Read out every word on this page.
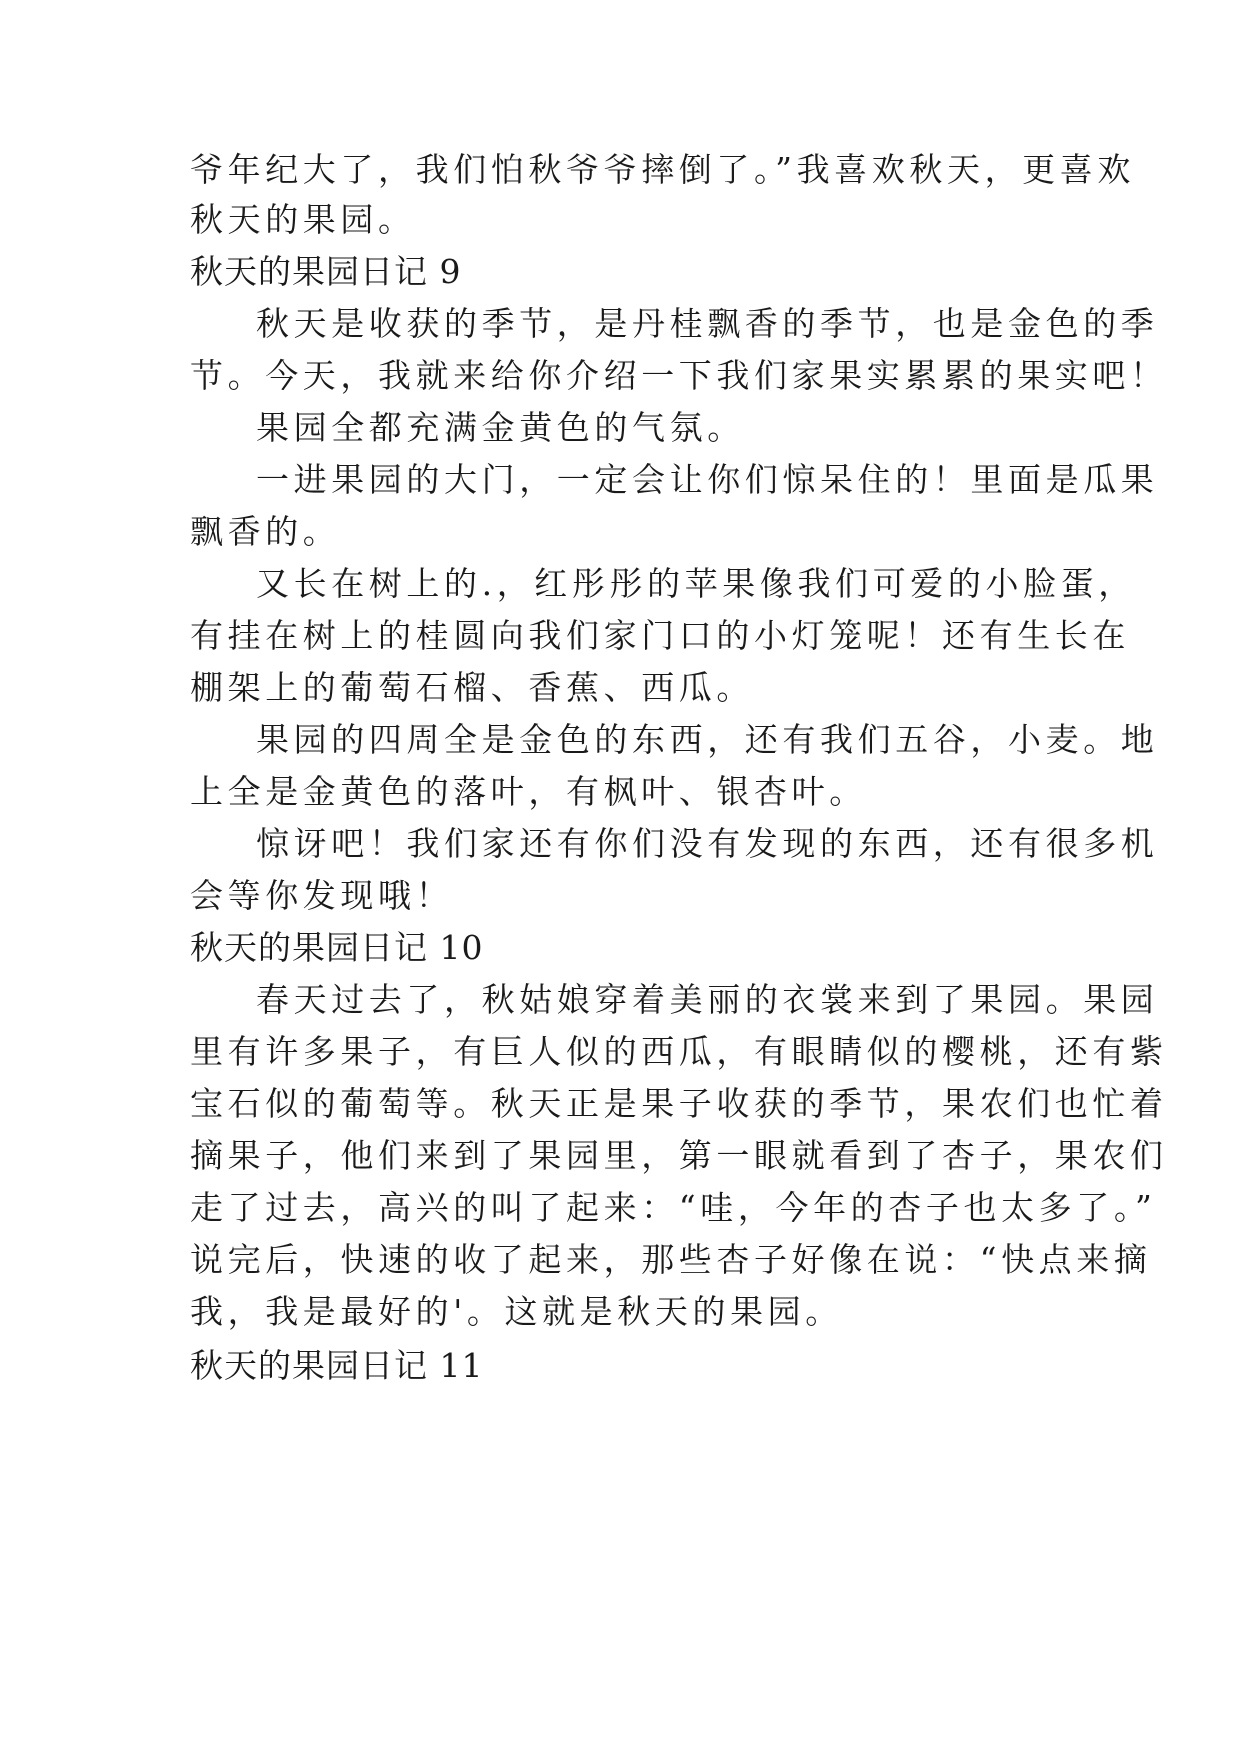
爷年纪大了，我们怕秋爷爷摔倒了。”我喜欢秋天，更喜欢
秋天的果园。
秋天的果园日记 9
秋天是收获的季节，是丹桂飘香的季节，也是金色的季
节。今天，我就来给你介绍一下我们家果实累累的果实吧！
果园全都充满金黄色的气氛。
一进果园的大门，一定会让你们惊呆住的！里面是瓜果
飘香的。
又长在树上的.，红彤彤的苹果像我们可爱的小脸蛋，
有挂在树上的桂圆向我们家门口的小灯笼呢！还有生长在
棚架上的葡萄石榴、香蕉、西瓜。
果园的四周全是金色的东西，还有我们五谷，小麦。地
上全是金黄色的落叶，有枫叶、银杏叶。
惊讶吧！我们家还有你们没有发现的东西，还有很多机
会等你发现哦！
秋天的果园日记 10
春天过去了，秋姑娘穿着美丽的衣裳来到了果园。果园
里有许多果子，有巨人似的西瓜，有眼睛似的樱桃，还有紫
宝石似的葡萄等。秋天正是果子收获的季节，果农们也忙着
摘果子，他们来到了果园里，第一眼就看到了杏子，果农们
走了过去，高兴的叫了起来：“哇，今年的杏子也太多了。”
说完后，快速的收了起来，那些杏子好像在说：“快点来摘
我，我是最好的'。这就是秋天的果园。
秋天的果园日记 11
